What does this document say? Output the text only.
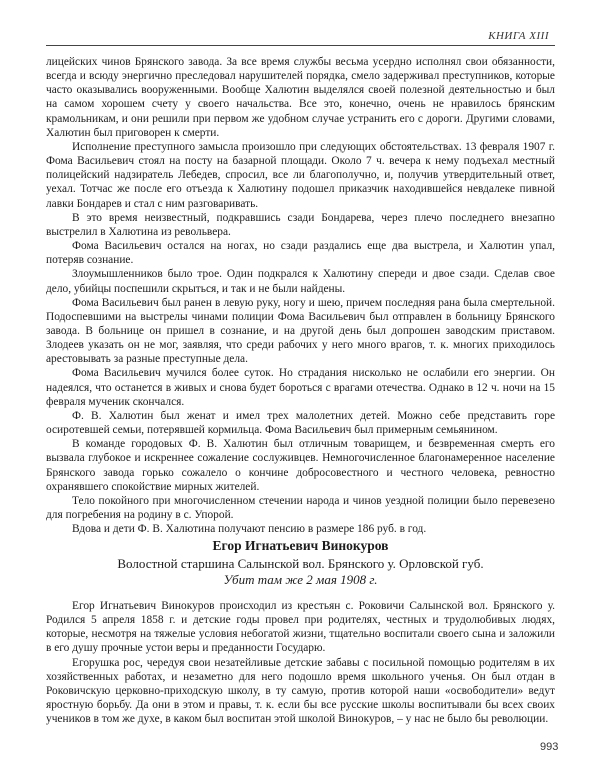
КНИГА XIII

лицейских чинов Брянского завода. За все время службы весьма усердно исполнял свои обязанности, всегда и всюду энергично преследовал нарушителей порядка, смело задерживал преступников, которые часто оказывались вооруженными. Вообще Халютин выделялся своей полезной деятельностью и был на самом хорошем счету у своего начальства. Все это, конечно, очень не нравилось брянским крамольникам, и они решили при первом же удобном случае устранить его с дороги. Другими словами, Халютин был приговорен к смерти.

Исполнение преступного замысла произошло при следующих обстоятельствах. 13 февраля 1907 г. Фома Васильевич стоял на посту на базарной площади. Около 7 ч. вечера к нему подъехал местный полицейский надзиратель Лебедев, спросил, все ли благополучно, и, получив утвердительный ответ, уехал. Тотчас же после его отъезда к Халютину подошел приказчик находившейся невдалеке пивной лавки Бондарев и стал с ним разговаривать.

В это время неизвестный, подкравшись сзади Бондарева, через плечо последнего внезапно выстрелил в Халютина из револьвера.

Фома Васильевич остался на ногах, но сзади раздались еще два выстрела, и Халютин упал, потеряв сознание.

Злоумышленников было трое. Один подкрался к Халютину спереди и двое сзади. Сделав свое дело, убийцы поспешили скрыться, и так и не были найдены.

Фома Васильевич был ранен в левую руку, ногу и шею, причем последняя рана была смертельной. Подоспевшими на выстрелы чинами полиции Фома Васильевич был отправлен в больницу Брянского завода. В больнице он пришел в сознание, и на другой день был допрошен заводским приставом. Злодеев указать он не мог, заявляя, что среди рабочих у него много врагов, т. к. многих приходилось арестовывать за разные преступные дела.

Фома Васильевич мучился более суток. Но страдания нисколько не ослабили его энергии. Он надеялся, что останется в живых и снова будет бороться с врагами отечества. Однако в 12 ч. ночи на 15 февраля мученик скончался.

Ф. В. Халютин был женат и имел трех малолетних детей. Можно себе представить горе осиротевшей семьи, потерявшей кормильца. Фома Васильевич был примерным семьянином.

В команде городовых Ф. В. Халютин был отличным товарищем, и безвременная смерть его вызвала глубокое и искреннее сожаление сослуживцев. Немногочисленное благонамеренное население Брянского завода горько сожалело о кончине добросовестного и честного человека, ревностно охранявшего спокойствие мирных жителей.

Тело покойного при многочисленном стечении народа и чинов уездной полиции было перевезено для погребения на родину в с. Упорой.

Вдова и дети Ф. В. Халютина получают пенсию в размере 186 руб. в год.

Егор Игнатьевич Винокуров
Волостной старшина Салынской вол. Брянского у. Орловской губ.
Убит там же 2 мая 1908 г.

Егор Игнатьевич Винокуров происходил из крестьян с. Роковичи Салынской вол. Брянского у. Родился 5 апреля 1858 г. и детские годы провел при родителях, честных и трудолюбивых людях, которые, несмотря на тяжелые условия небогатой жизни, тщательно воспитали своего сына и заложили в его душу прочные устои веры и преданности Государю.

Егорушка рос, чередуя свои незатейливые детские забавы с посильной помощью родителям в их хозяйственных работах, и незаметно для него подошло время школьного ученья. Он был отдан в Роковичскую церковно-приходскую школу, в ту самую, против которой наши «освободители» ведут яростную борьбу. Да они в этом и правы, т. к. если бы все русские школы воспитывали бы всех своих учеников в том же духе, в каком был воспитан этой школой Винокуров, – у нас не было бы революции.

993
